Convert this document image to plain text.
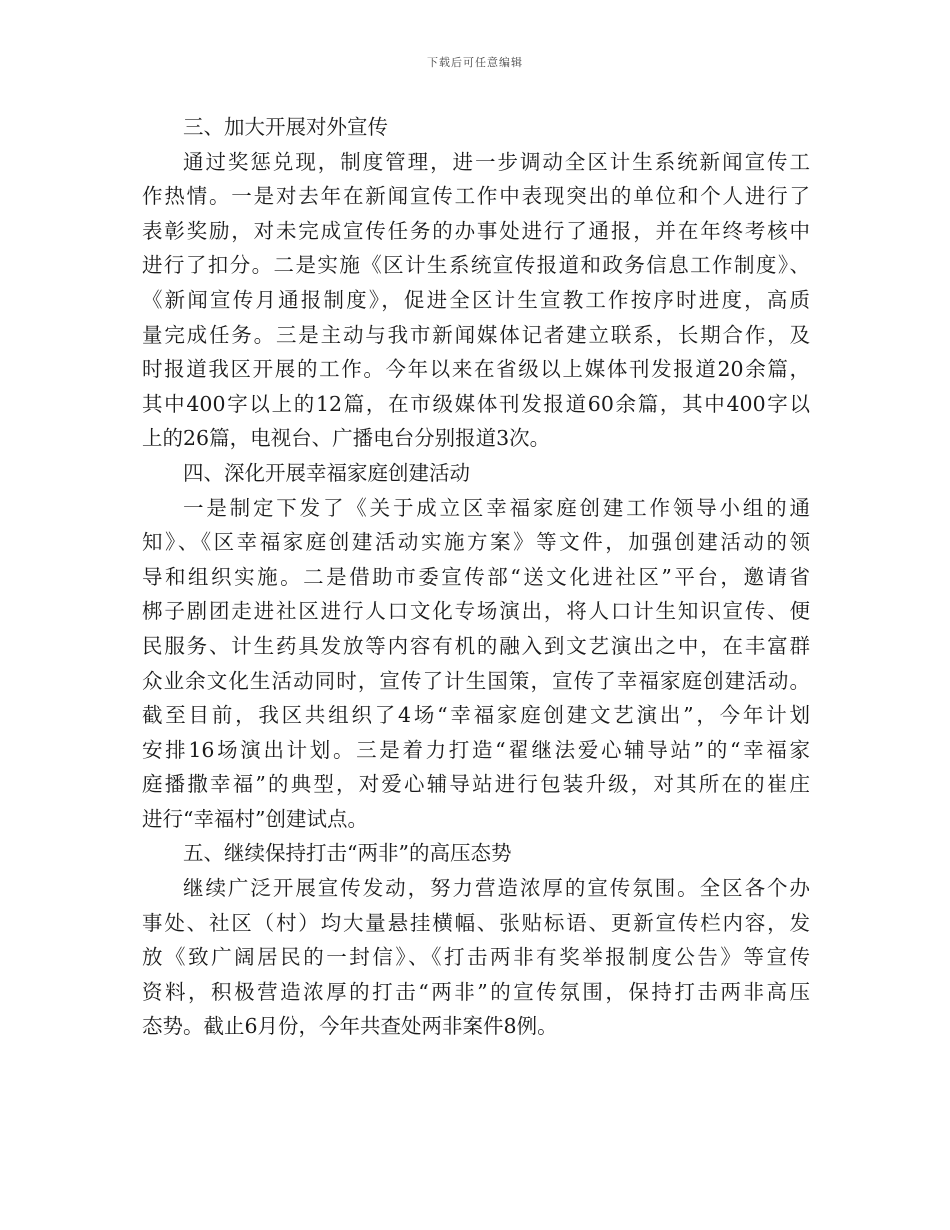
下载后可任意编辑
三、加大开展对外宣传
通过奖惩兑现，制度管理，进一步调动全区计生系统新闻宣传工
作热情。一是对去年在新闻宣传工作中表现突出的单位和个人进行了
表彰奖励，对未完成宣传任务的办事处进行了通报，并在年终考核中
进行了扣分。二是实施《区计生系统宣传报道和政务信息工作制度》、
《新闻宣传月通报制度》，促进全区计生宣教工作按序时进度，高质
量完成任务。三是主动与我市新闻媒体记者建立联系，长期合作，及
时报道我区开展的工作。今年以来在省级以上媒体刊发报道20余篇，
其中400字以上的12篇，在市级媒体刊发报道60余篇，其中400字以
上的26篇，电视台、广播电台分别报道3次。
四、深化开展幸福家庭创建活动
一是制定下发了《关于成立区幸福家庭创建工作领导小组的通
知》、《区幸福家庭创建活动实施方案》等文件，加强创建活动的领
导和组织实施。二是借助市委宣传部“送文化进社区”平台，邀请省
梆子剧团走进社区进行人口文化专场演出，将人口计生知识宣传、便
民服务、计生药具发放等内容有机的融入到文艺演出之中，在丰富群
众业余文化生活动同时，宣传了计生国策，宣传了幸福家庭创建活动。
截至目前，我区共组织了4场“幸福家庭创建文艺演出”，今年计划
安排16场演出计划。三是着力打造“翟继法爱心辅导站”的“幸福家
庭播撒幸福”的典型，对爱心辅导站进行包装升级，对其所在的崔庄
进行“幸福村”创建试点。
五、继续保持打击“两非”的高压态势
继续广泛开展宣传发动，努力营造浓厚的宣传氛围。全区各个办
事处、社区（村）均大量悬挂横幅、张贴标语、更新宣传栏内容，发
放《致广阔居民的一封信》、《打击两非有奖举报制度公告》等宣传
资料，积极营造浓厚的打击“两非”的宣传氛围，保持打击两非高压
态势。截止6月份，今年共查处两非案件8例。
